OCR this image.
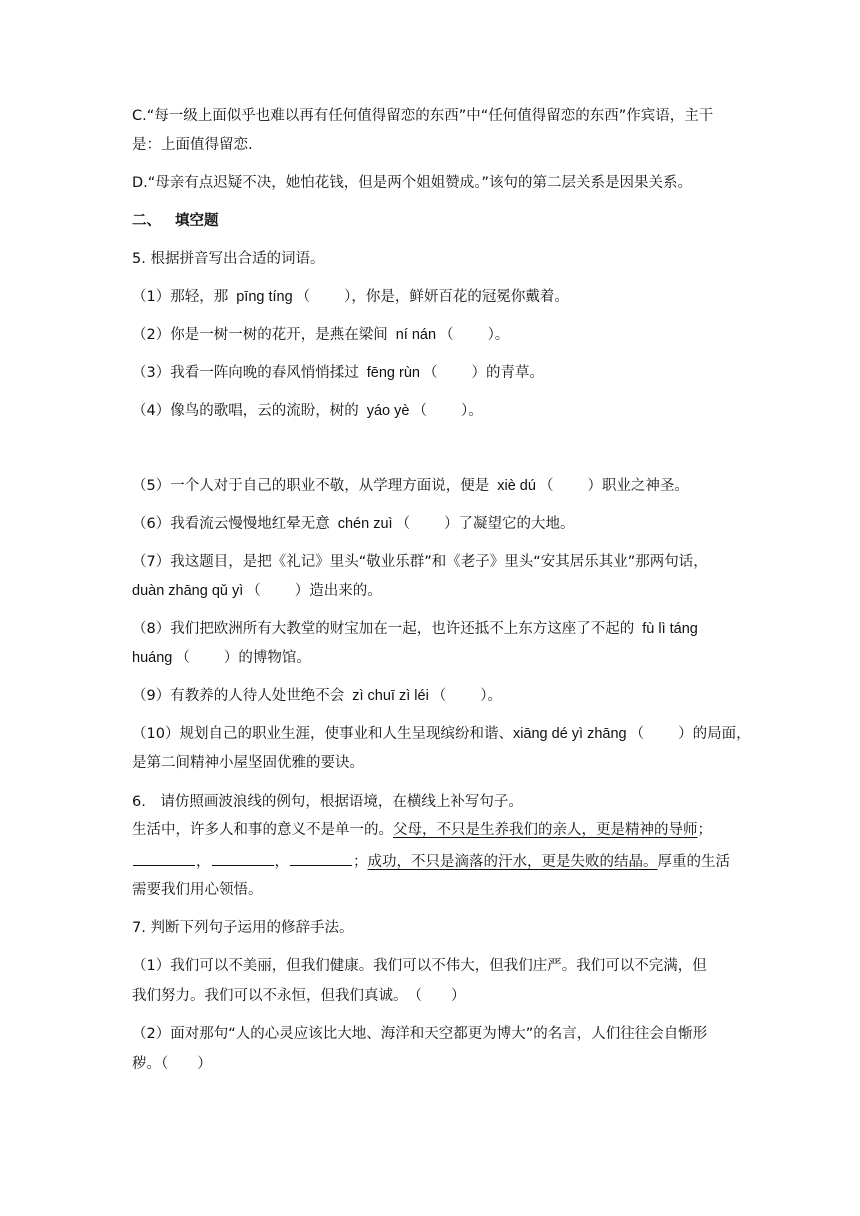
C.“每一级上面似乎也难以再有任何值得留恋的东西”中“任何值得留恋的东西”作宾语，主干
是：上面值得留恋.
D.“母亲有点迟疑不决，她怕花钱，但是两个姐姐赞成。”该句的第二层关系是因果关系。
二、 填空题
5. 根据拼音写出合适的词语。
（1）那轻，那 pīng tíng （ ），你是，鲜妍百花的冠冕你戴着。
（2）你是一树一树的花开，是燕在梁间 ní nán （ ）。
（3）我看一阵向晚的春风悄悄揉过 fēng rùn （ ）的青草。
（4）像鸟的歌唱，云的流盼，树的 yáo yè （ ）。
（5）一个人对于自己的职业不敬，从学理方面说，便是 xiè dú （ ）职业之神圣。
（6）我看流云慢慢地红晕无意 chén zuì （ ）了凝望它的大地。
（7）我这题目，是把《礼记》里头“敬业乐群”和《老子》里头“安其居乐其业”那两句话，
duàn zhāng qǔ yì （ ）造出来的。
（8）我们把欧洲所有大教堂的财宝加在一起，也许还抵不上东方这座了不起的 fù lì táng
huáng （ ）的博物馆。
（9）有教养的人待人处世绝不会 zì chuī zì léi （ ）。
（10）规划自己的职业生涯，使事业和人生呈现缤纷和谐、xiāng dé yì zhāng （ ）的局面，
是第二间精神小屋坚固优雅的要诀。
6.　请仿照画波浪线的例句，根据语境，在横线上补写句子。
生活中，许多人和事的意义不是单一的。父母，不只是生养我们的亲人，更是精神的导师；
，	，	；成功，不只是滴落的汗水，更是失败的结晶。厚重的生活
需要我们用心领悟。
7. 判断下列句子运用的修辞手法。
（1）我们可以不美丽，但我们健康。我们可以不伟大，但我们庄严。我们可以不完满，但
我们努力。我们可以不永恒，但我们真诚。　（　　）
（2）面对那句“人的心灵应该比大地、海洋和天空都更为博大”的名言，人们往往会自惭形
秽。（　　）
